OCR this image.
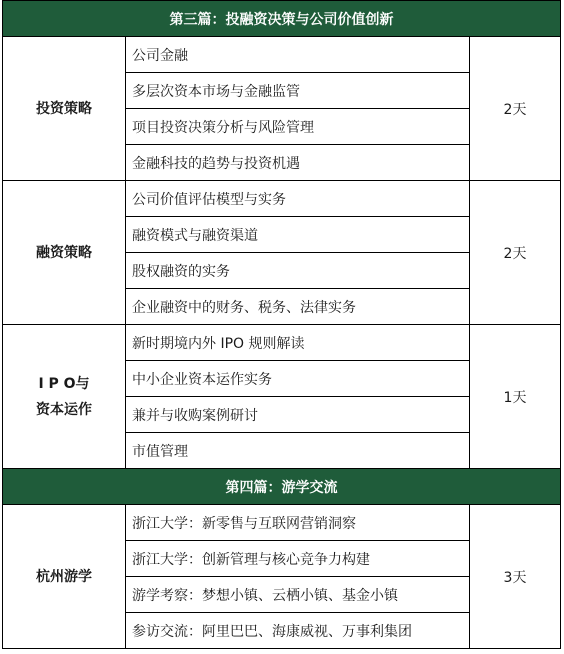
第三篇：投融资决策与公司价值创新		

投资策略	公司金融	2天
	多层次资本市场与金融监管	
	项目投资决策分析与风险管理	
	金融科技的趋势与投资机遇	

融资策略	公司价值评估模型与实务	2天
	融资模式与融资渠道	
	股权融资的实务	
	企业融资中的财务、税务、法律实务	

I P O与
资本运作	新时期境内外 IPO 规则解读	1天
	中小企业资本运作实务	
	兼并与收购案例研讨	
	市值管理	
第四篇：游学交流		

杭州游学	浙江大学：新零售与互联网营销洞察	3天
	浙江大学：创新管理与核心竞争力构建	
	游学考察：梦想小镇、云栖小镇、基金小镇	
	参访交流：阿里巴巴、海康威视、万事利集团	
